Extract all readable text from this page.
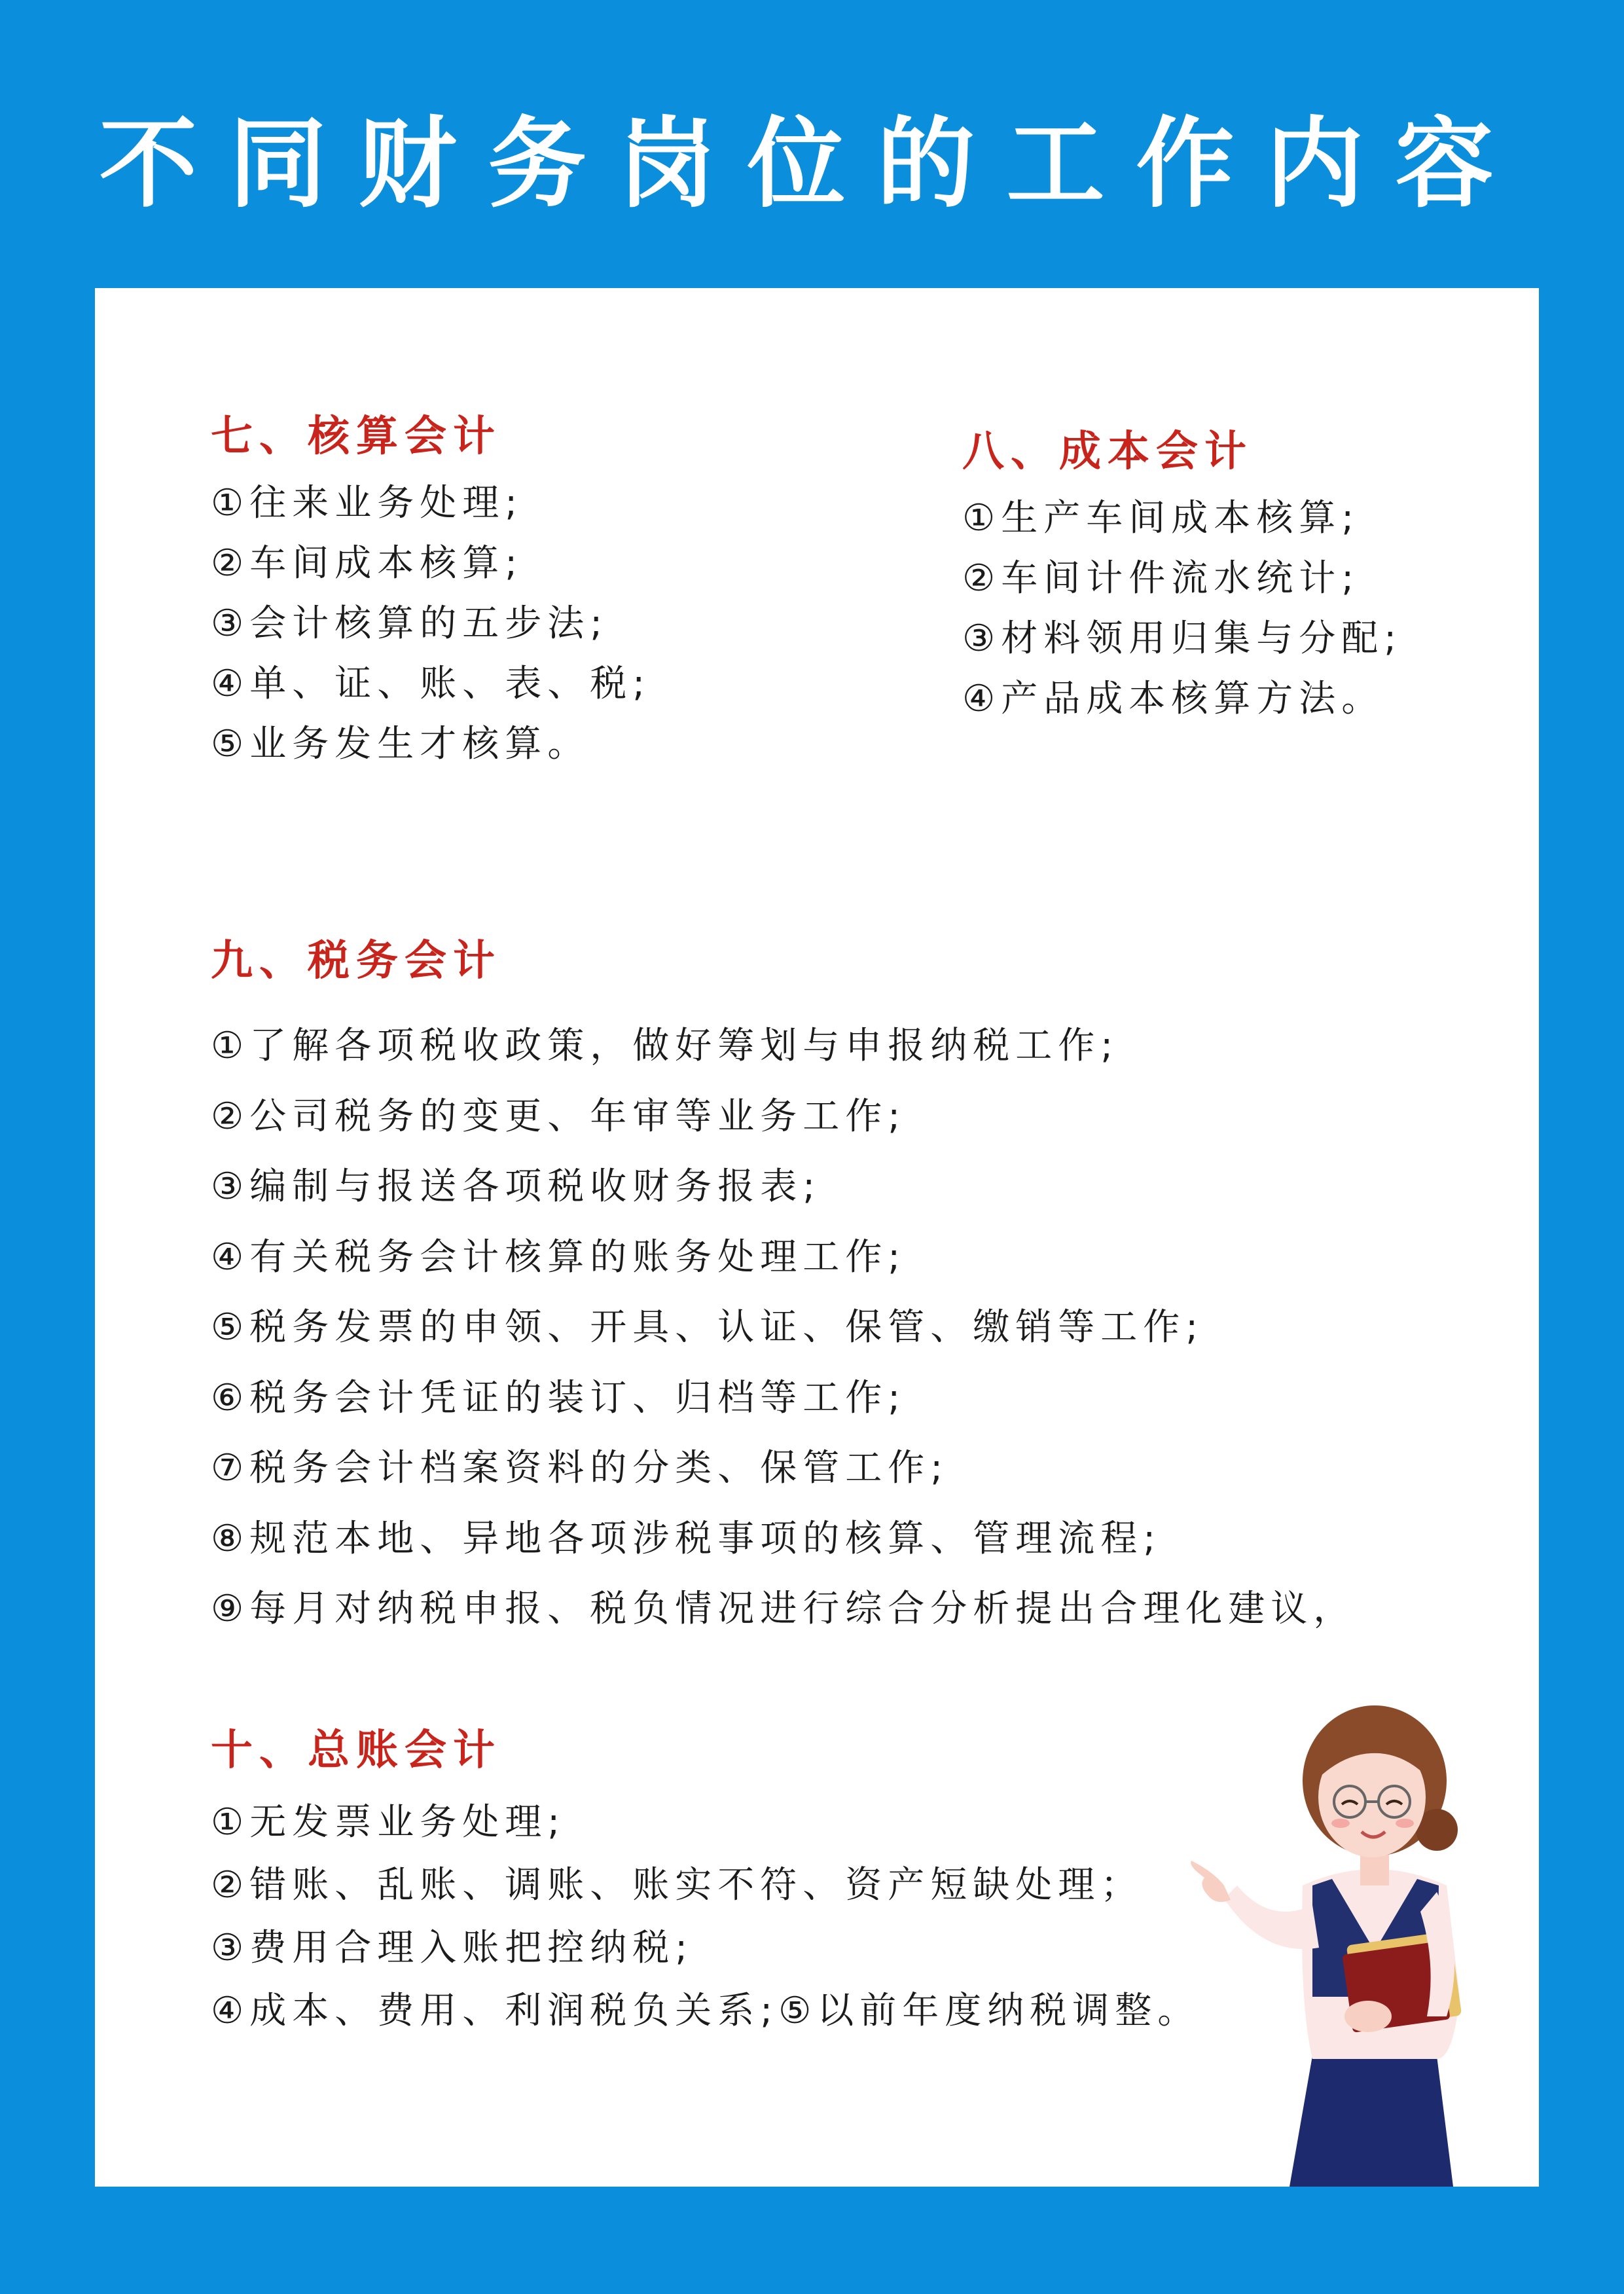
不同财务岗位的工作内容

七、核算会计

①往来业务处理;

②车间成本核算;

③会计核算的五步法;

④单、证、账、表、税;

⑤业务发生才核算。

八、成本会计

①生产车间成本核算;

②车间计件流水统计;

③材料领用归集与分配;

④产品成本核算方法。

九、税务会计

①了解各项税收政策，做好筹划与申报纳税工作;

②公司税务的变更、年审等业务工作;

③编制与报送各项税收财务报表;

④有关税务会计核算的账务处理工作;

⑤税务发票的申领、开具、认证、保管、缴销等工作;

⑥税务会计凭证的装订、归档等工作;

⑦税务会计档案资料的分类、保管工作;

⑧规范本地、异地各项涉税事项的核算、管理流程;

⑨每月对纳税申报、税负情况进行综合分析提出合理化建议，

十、总账会计

①无发票业务处理;

②错账、乱账、调账、账实不符、资产短缺处理；

③费用合理入账把控纳税;

④成本、费用、利润税负关系;⑤以前年度纳税调整。
